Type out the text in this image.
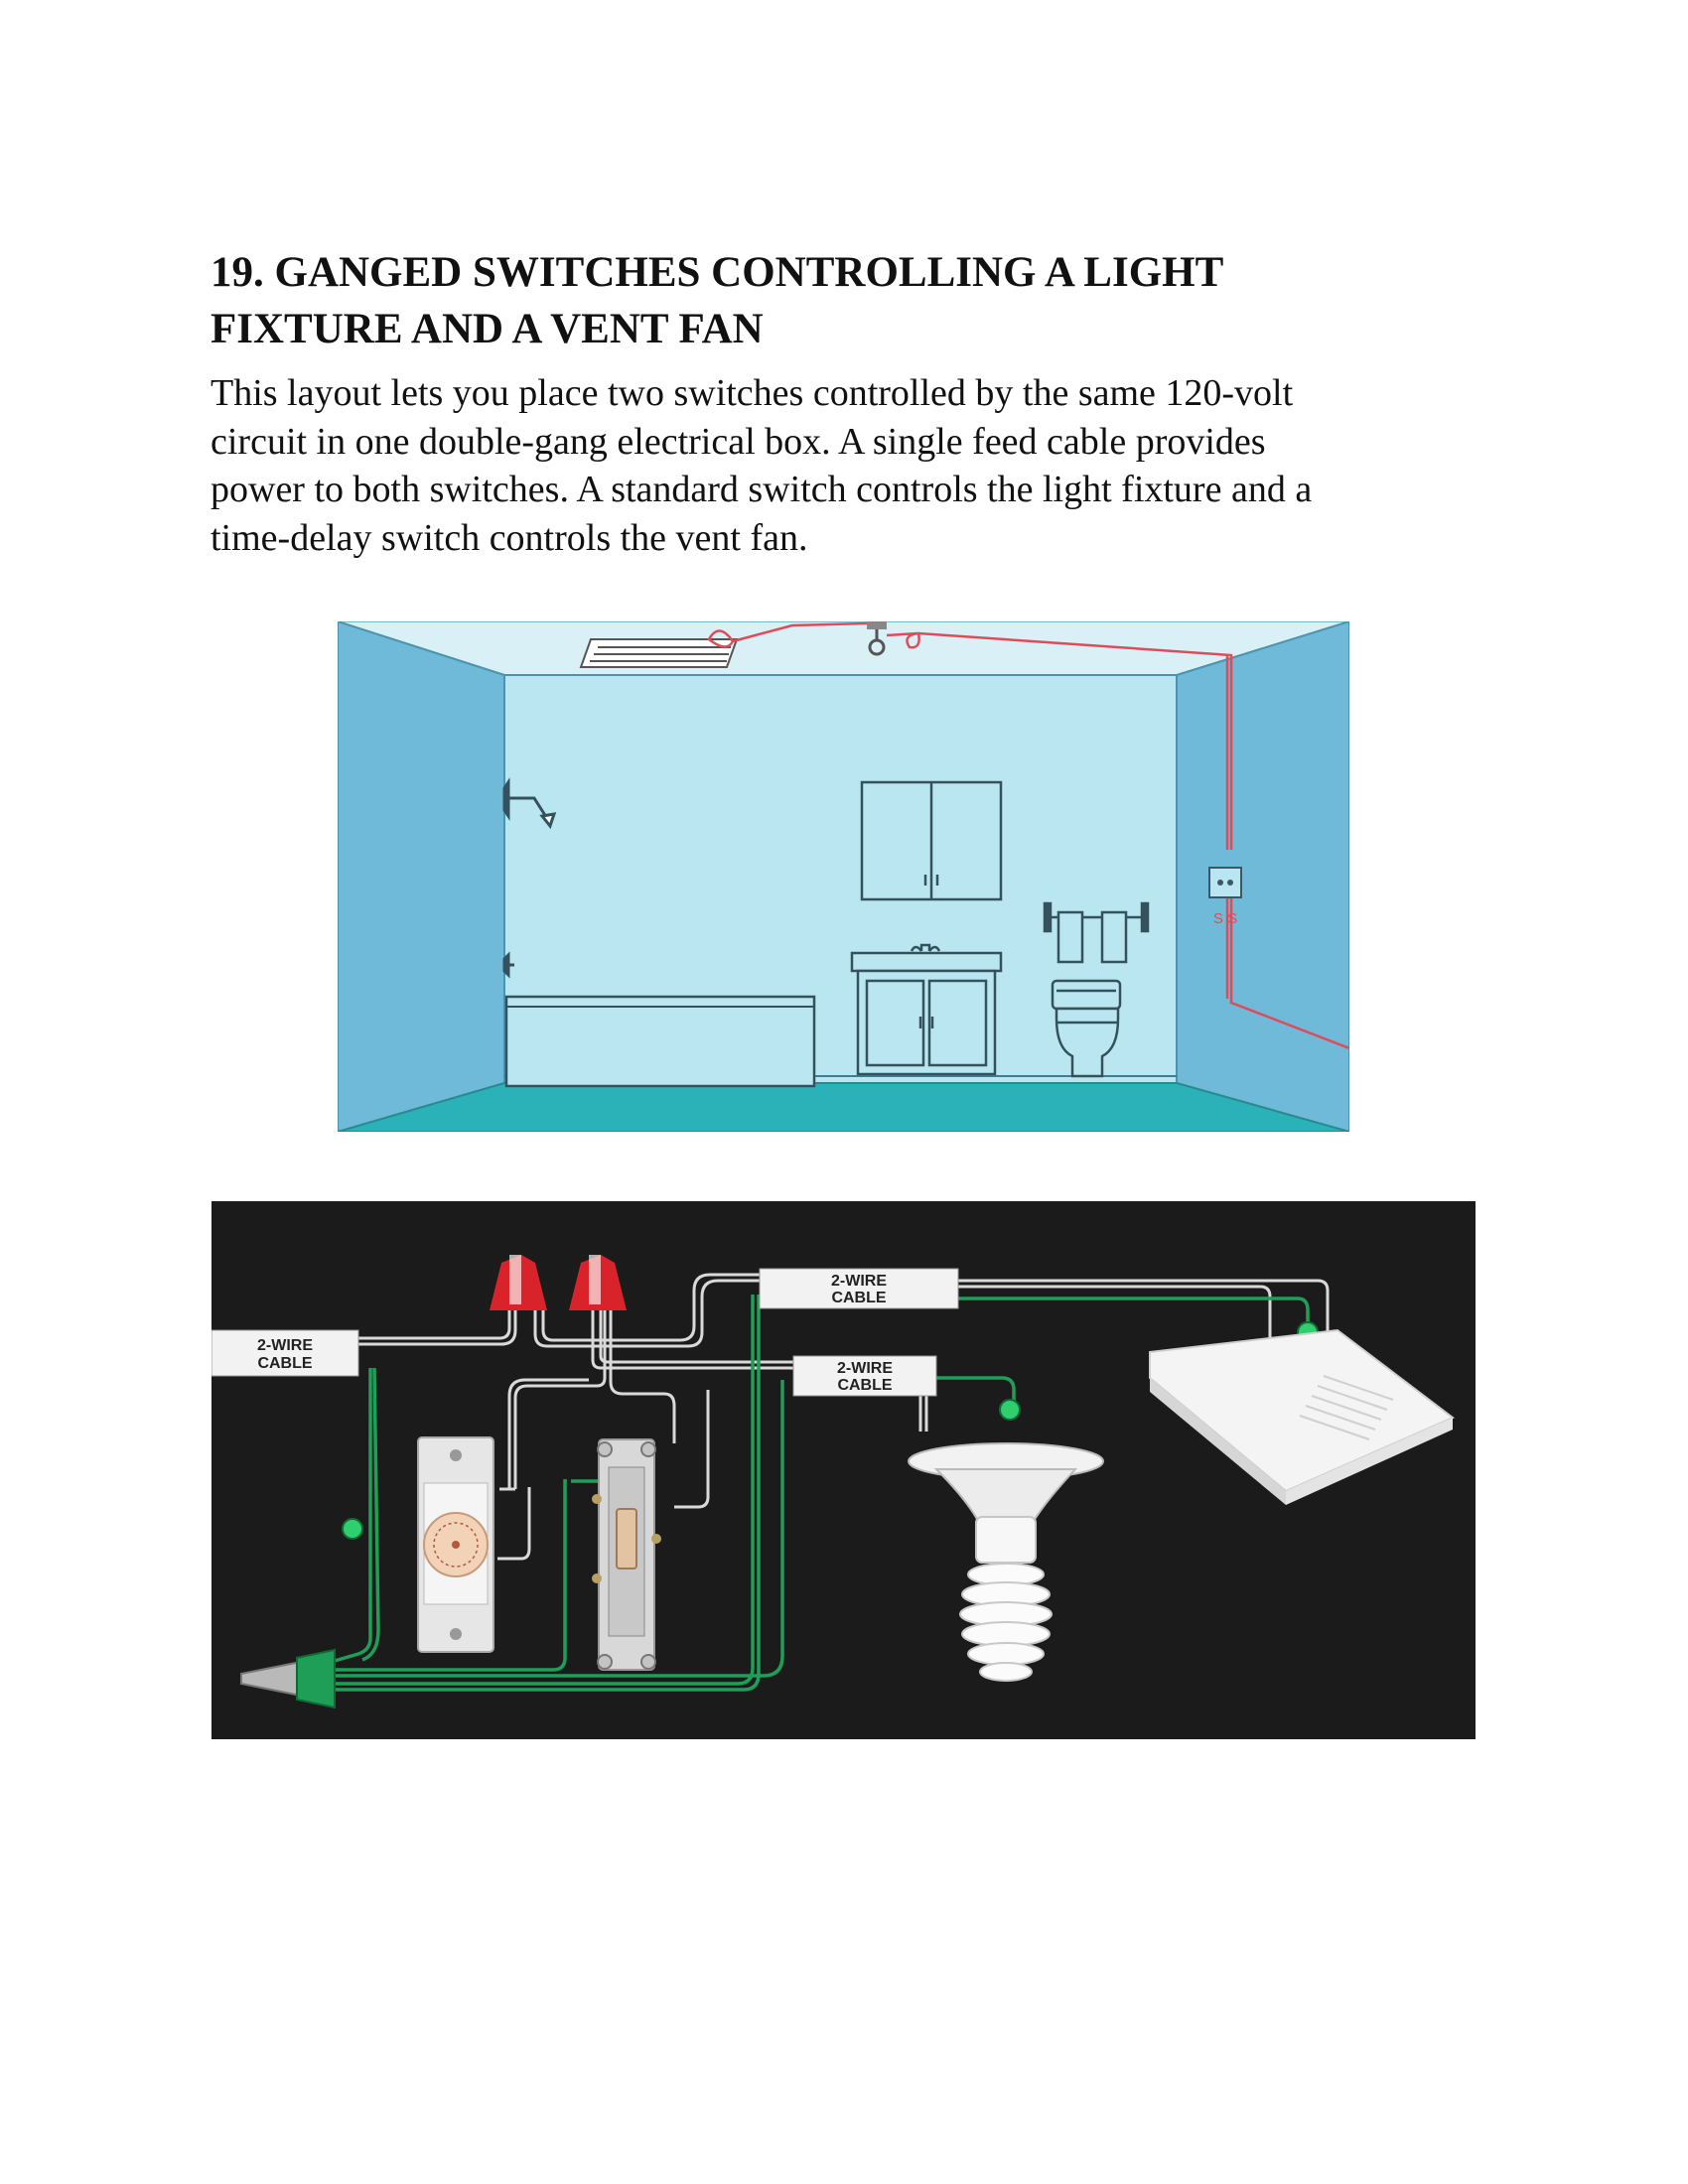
19. GANGED SWITCHES CONTROLLING A LIGHT
FIXTURE AND A VENT FAN

This layout lets you place two switches controlled by the same 120-volt
circuit in one double-gang electrical box. A single feed cable provides
power to both switches. A standard switch controls the light fixture and a
time-delay switch controls the vent fan.

S S
2-WIRE
CABLE
2-WIRE
CABLE
2-WIRE
CABLE
